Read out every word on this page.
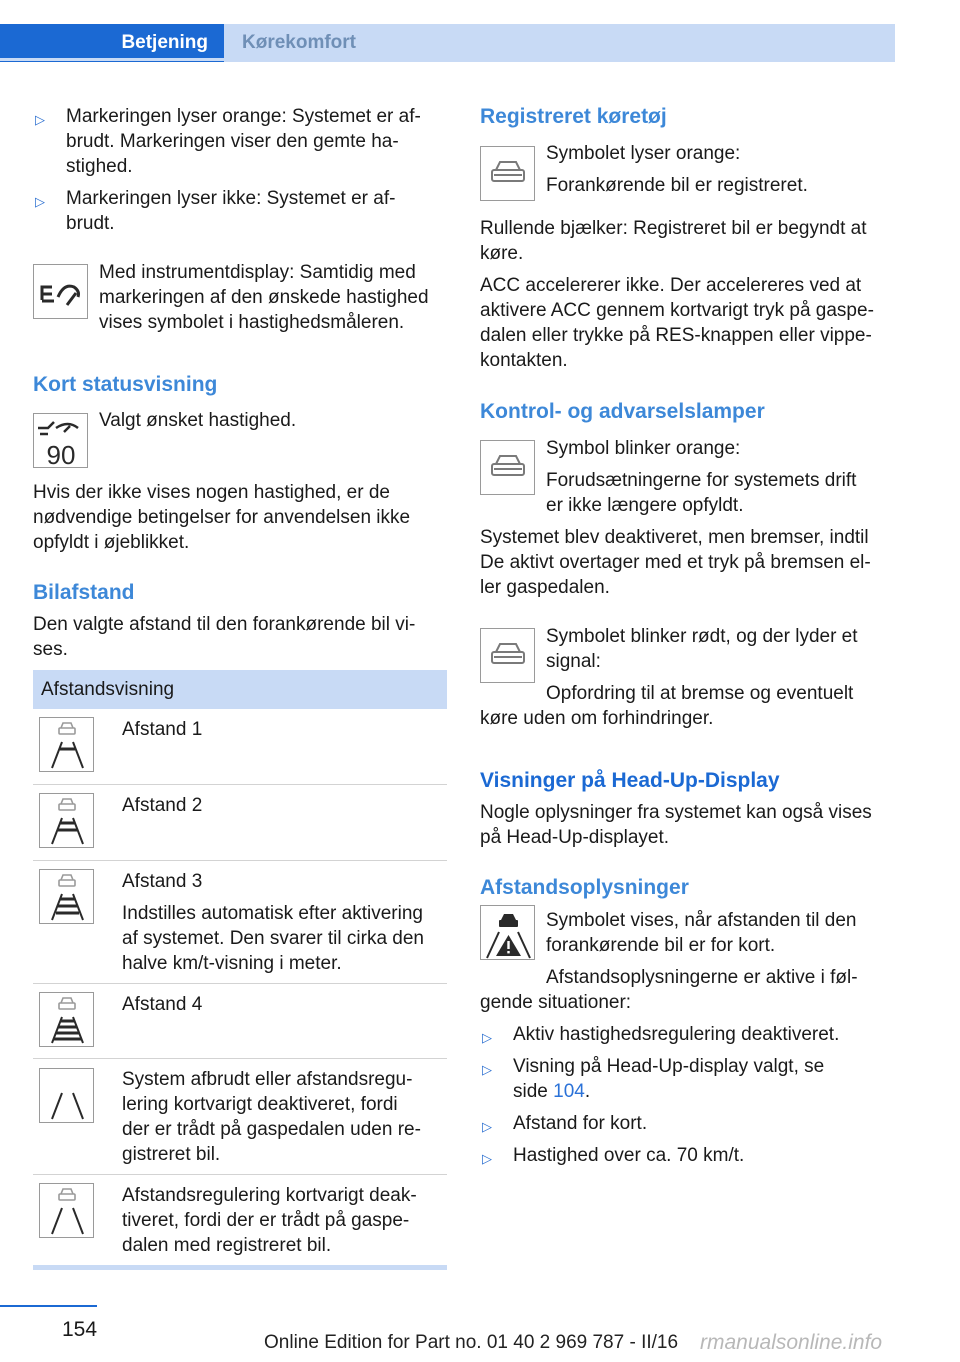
Betjening Kørekomfort
▷ Markeringen lyser orange: Systemet er af-
brudt. Markeringen viser den gemte ha-
stighed.
▷ Markeringen lyser ikke: Systemet er af-
brudt.
Med instrumentdisplay: Samtidig med
markeringen af den ønskede hastighed
vises symbolet i hastighedsmåleren.
Kort statusvisning
90
Valgt ønsket hastighed.
Hvis der ikke vises nogen hastighed, er de
nødvendige betingelser for anvendelsen ikke
opfyldt i øjeblikket.
Bilafstand
Den valgte afstand til den forankørende bil vi-
ses.
Afstandsvisning
Afstand 1
Afstand 2
Afstand 3
Indstilles automatisk efter aktivering
af systemet. Den svarer til cirka den
halve km/t-visning i meter.
Afstand 4
System afbrudt eller afstandsregu-
lering kortvarigt deaktiveret, fordi
der er trådt på gaspedalen uden re-
gistreret bil.
Afstandsregulering kortvarigt deak-
tiveret, fordi der er trådt på gaspe-
dalen med registreret bil.
Registreret køretøj
Symbolet lyser orange:
Forankørende bil er registreret.
Rullende bjælker: Registreret bil er begyndt at
køre.
ACC accelererer ikke. Der accelereres ved at
aktivere ACC gennem kortvarigt tryk på gaspe-
dalen eller trykke på RES-knappen eller vippe-
kontakten.
Kontrol- og advarselslamper
Symbol blinker orange:
Forudsætningerne for systemets drift
er ikke længere opfyldt.
Systemet blev deaktiveret, men bremser, indtil
De aktivt overtager med et tryk på bremsen el-
ler gaspedalen.
Symbolet blinker rødt, og der lyder et
signal:
Opfordring til at bremse og eventuelt
køre uden om forhindringer.
Visninger på Head-Up-Display
Nogle oplysninger fra systemet kan også vises
på Head-Up-displayet.
Afstandsoplysninger
Symbolet vises, når afstanden til den
forankørende bil er for kort.
Afstandsoplysningerne er aktive i føl-
gende situationer:
▷ Aktiv hastighedsregulering deaktiveret.
▷ Visning på Head-Up-display valgt, se
side 104.
▷ Afstand for kort.
▷ Hastighed over ca. 70 km/t.
154
Online Edition for Part no. 01 40 2 969 787 - II/16 rmanualsonline.info
